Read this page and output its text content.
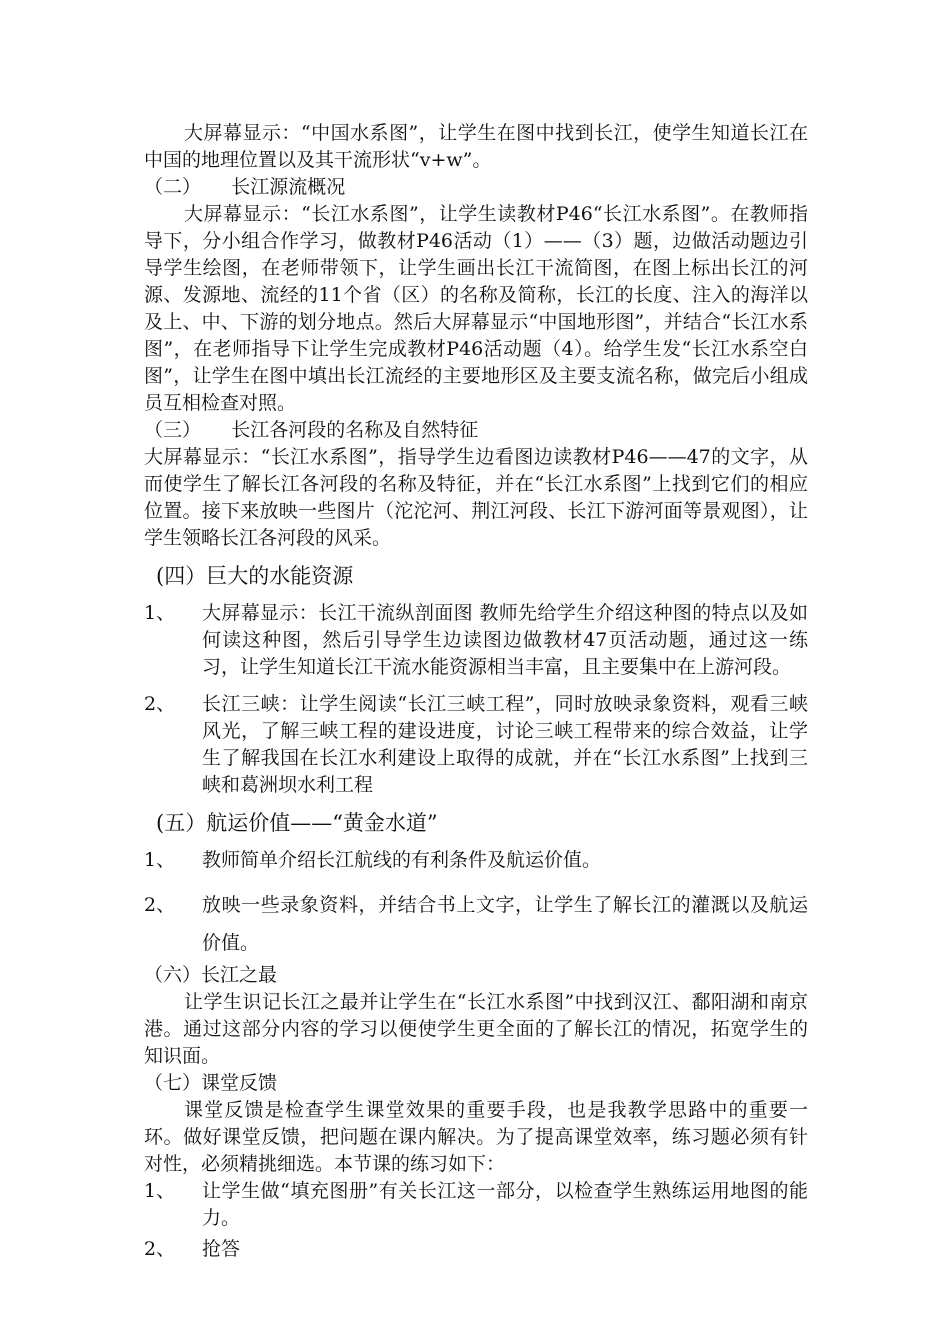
大屏幕显示：“中国水系图”，让学生在图中找到长江，使学生知道长江在中国的地理位置以及其干流形状“v+w”。

（二）     长江源流概况

大屏幕显示：“长江水系图”，让学生读教材P46“长江水系图”。在教师指导下，分小组合作学习，做教材P46活动（1）——（3）题，边做活动题边引导学生绘图，在老师带领下，让学生画出长江干流简图，在图上标出长江的河源、发源地、流经的11个省（区）的名称及简称，长江的长度、注入的海洋以及上、中、下游的划分地点。然后大屏幕显示“中国地形图”，并结合“长江水系图”，在老师指导下让学生完成教材P46活动题（4）。给学生发“长江水系空白图”，让学生在图中填出长江流经的主要地形区及主要支流名称，做完后小组成员互相检查对照。

（三）     长江各河段的名称及自然特征

大屏幕显示：“长江水系图”，指导学生边看图边读教材P46——47的文字，从而使学生了解长江各河段的名称及特征，并在“长江水系图”上找到它们的相应位置。接下来放映一些图片（沱沱河、荆江河段、长江下游河面等景观图），让学生领略长江各河段的风采。

(四）巨大的水能资源

1、 大屏幕显示：长江干流纵剖面图 教师先给学生介绍这种图的特点以及如何读这种图，然后引导学生边读图边做教材47页活动题，通过这一练习，让学生知道长江干流水能资源相当丰富，且主要集中在上游河段。
2、 长江三峡：让学生阅读“长江三峡工程”，同时放映录象资料，观看三峡风光，了解三峡工程的建设进度，讨论三峡工程带来的综合效益，让学生了解我国在长江水利建设上取得的成就，并在“长江水系图”上找到三峡和葛洲坝水利工程

(五）航运价值——“黄金水道”

1、 教师简单介绍长江航线的有利条件及航运价值。
2、 放映一些录象资料，并结合书上文字，让学生了解长江的灌溉以及航运价值。

（六）长江之最

让学生识记长江之最并让学生在“长江水系图”中找到汉江、鄱阳湖和南京港。通过这部分内容的学习以便使学生更全面的了解长江的情况，拓宽学生的知识面。

（七）课堂反馈

课堂反馈是检查学生课堂效果的重要手段，也是我教学思路中的重要一环。做好课堂反馈，把问题在课内解决。为了提高课堂效率，练习题必须有针对性，必须精挑细选。本节课的练习如下：

1、 让学生做“填充图册”有关长江这一部分，以检查学生熟练运用地图的能力。
2、 抢答
